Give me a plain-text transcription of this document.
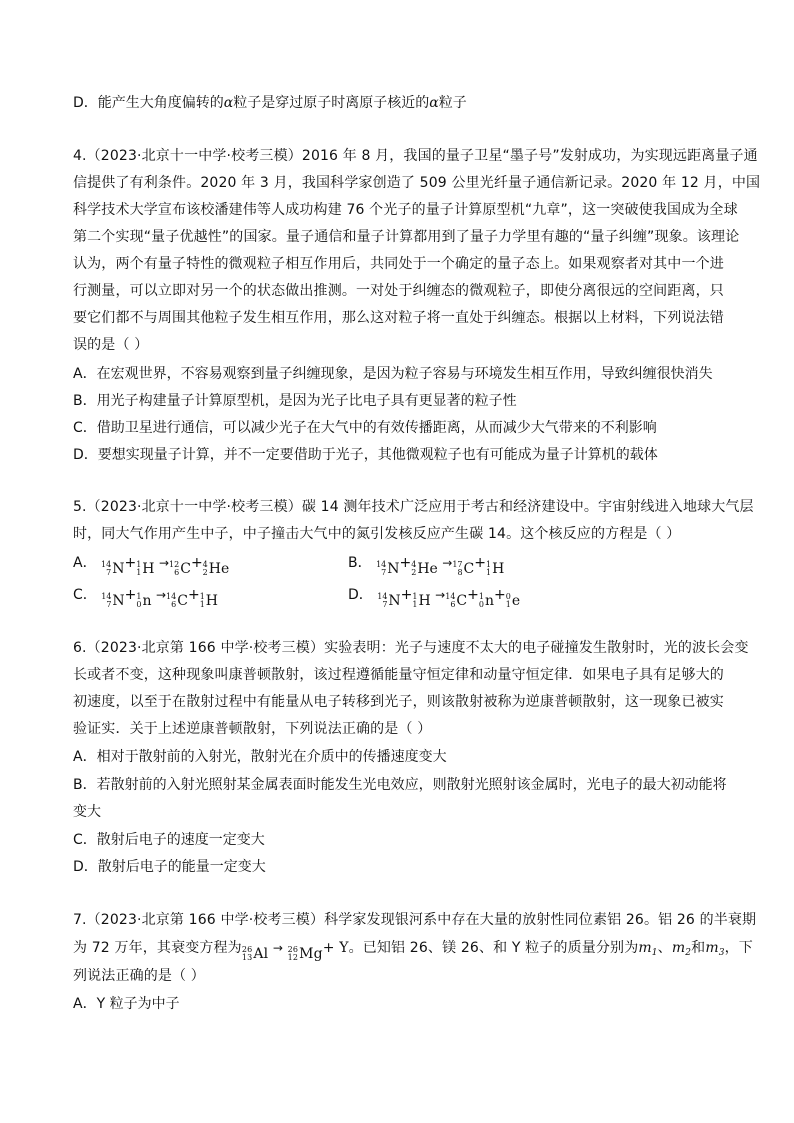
D．能产生大角度偏转的α粒子是穿过原子时离原子核近的α粒子
4.（2023·北京十一中学·校考三模）2016 年 8 月，我国的量子卫星“墨子号”发射成功，为实现远距离量子通
信提供了有利条件。2020 年 3 月，我国科学家创造了 509 公里光纤量子通信新记录。2020 年 12 月，中国
科学技术大学宣布该校潘建伟等人成功构建 76 个光子的量子计算原型机“九章”，这一突破使我国成为全球
第二个实现“量子优越性”的国家。量子通信和量子计算都用到了量子力学里有趣的“量子纠缠”现象。该理论
认为，两个有量子特性的微观粒子相互作用后，共同处于一个确定的量子态上。如果观察者对其中一个进
行测量，可以立即对另一个的状态做出推测。一对处于纠缠态的微观粒子，即使分离很远的空间距离，只
要它们都不与周围其他粒子发生相互作用，那么这对粒子将一直处于纠缠态。根据以上材料，下列说法错
误的是（ ）
A．在宏观世界，不容易观察到量子纠缠现象，是因为粒子容易与环境发生相互作用，导致纠缠很快消失
B．用光子构建量子计算原型机，是因为光子比电子具有更显著的粒子性
C．借助卫星进行通信，可以减少光子在大气中的有效传播距离，从而减少大气带来的不利影响
D．要想实现量子计算，并不一定要借助于光子，其他微观粒子也有可能成为量子计算机的载体
5.（2023·北京十一中学·校考三模）碳 14 测年技术广泛应用于考古和经济建设中。宇宙射线进入地球大气层
时，同大气作用产生中子，中子撞击大气中的氮引发核反应产生碳 14。这个核反应的方程是（ ）
A． 14
7 N + 1
1 H → 12
6 C + 4
2 He	B． 14
7 N + 4
2 He → 17
8 C + 1
1 H
C． 14
7 N + 1
0 n → 14
6 C + 1
1 H	D． 14
7 N + 1
1 H → 14
6 C + 1
0 n + 0
1 e
6.（2023·北京第 166 中学·校考三模）实验表明：光子与速度不太大的电子碰撞发生散射时，光的波长会变
长或者不变，这种现象叫康普顿散射，该过程遵循能量守恒定律和动量守恒定律．如果电子具有足够大的
初速度，以至于在散射过程中有能量从电子转移到光子，则该散射被称为逆康普顿散射，这一现象已被实
验证实．关于上述逆康普顿散射，下列说法正确的是（ ）
A．相对于散射前的入射光，散射光在介质中的传播速度变大
B．若散射前的入射光照射某金属表面时能发生光电效应，则散射光照射该金属时，光电子的最大初动能将
变大
C．散射后电子的速度一定变大
D．散射后电子的能量一定变大
7.（2023·北京第 166 中学·校考三模）科学家发现银河系中存在大量的放射性同位素铝 26。铝 26 的半衰期
为 72 万年，其衰变方程为 26
13 Al → 26
12 Mg + Y。已知铝 26、镁 26、和 Y 粒子的质量分别为$m_1$、$m_2$和$m_3$，下
列说法正确的是（ ）
A．Y 粒子为中子
